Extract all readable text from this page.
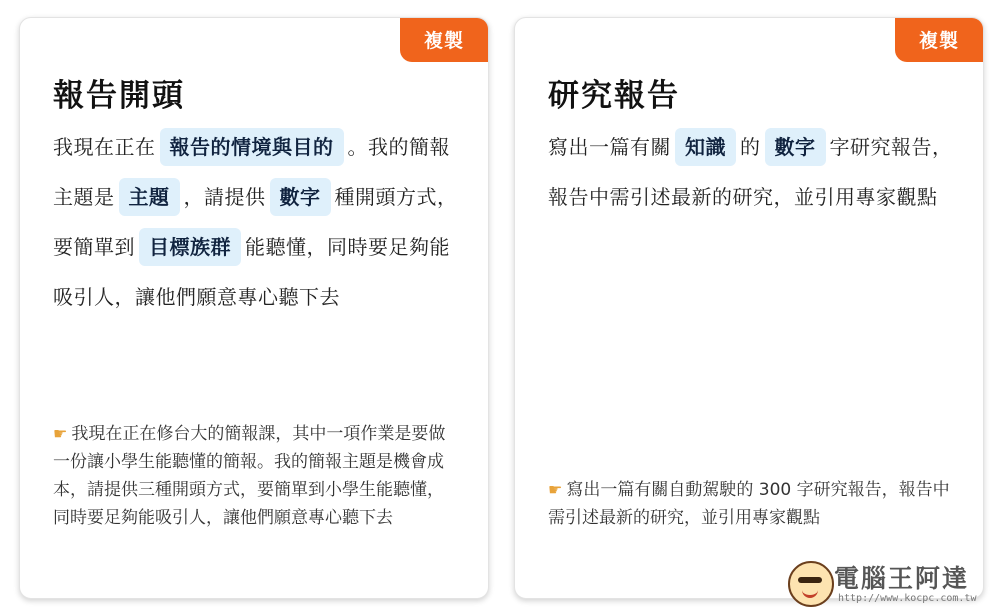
複製
報告開頭
我現在正在 報告的情境與目的 。我的簡報主題是 主題 ，請提供 數字 種開頭方式，要簡單到 目標族群 能聽懂，同時要足夠能吸引人，讓他們願意專心聽下去
☛ 我現在正在修台大的簡報課，其中一項作業是要做一份讓小學生能聽懂的簡報。我的簡報主題是機會成本，請提供三種開頭方式，要簡單到小學生能聽懂，同時要足夠能吸引人，讓他們願意專心聽下去
複製
研究報告
寫出一篇有關 知識 的 數字 字研究報告，報告中需引述最新的研究，並引用專家觀點
☛ 寫出一篇有關自動駕駛的 300 字研究報告，報告中需引述最新的研究，並引用專家觀點
電腦王阿達
http://www.kocpc.com.tw
